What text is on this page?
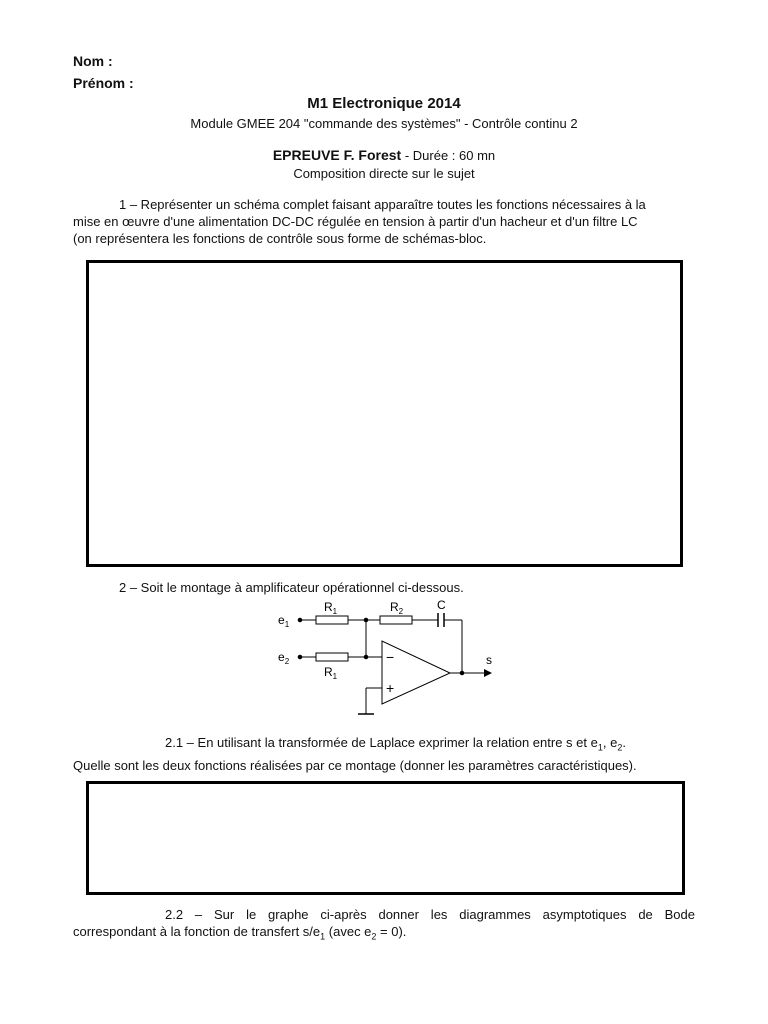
Nom :
Prénom :
M1 Electronique 2014
Module GMEE 204 "commande des systèmes" - Contrôle continu 2
EPREUVE F. Forest - Durée : 60 mn
Composition directe sur le sujet
1 – Représenter un schéma complet faisant apparaître toutes les fonctions nécessaires à la
mise en œuvre d'une alimentation DC-DC régulée en tension à partir d'un hacheur et d'un filtre LC
(on représentera les fonctions de contrôle sous forme de schémas-bloc.
2 – Soit le montage à amplificateur opérationnel ci-dessous.
$e_1$
$e_2$
$R_1$	$R_2$	C
$R_1$
s
−
+
2.1 – En utilisant la transformée de Laplace exprimer la relation entre s et $e_1$, $e_2$.
Quelle sont les deux fonctions réalisées par ce montage (donner les paramètres caractéristiques).
2.2 – Sur le graphe ci-après donner les diagrammes asymptotiques de Bode
correspondant à la fonction de transfert $s/e_1$ (avec $e_2 = 0$).
